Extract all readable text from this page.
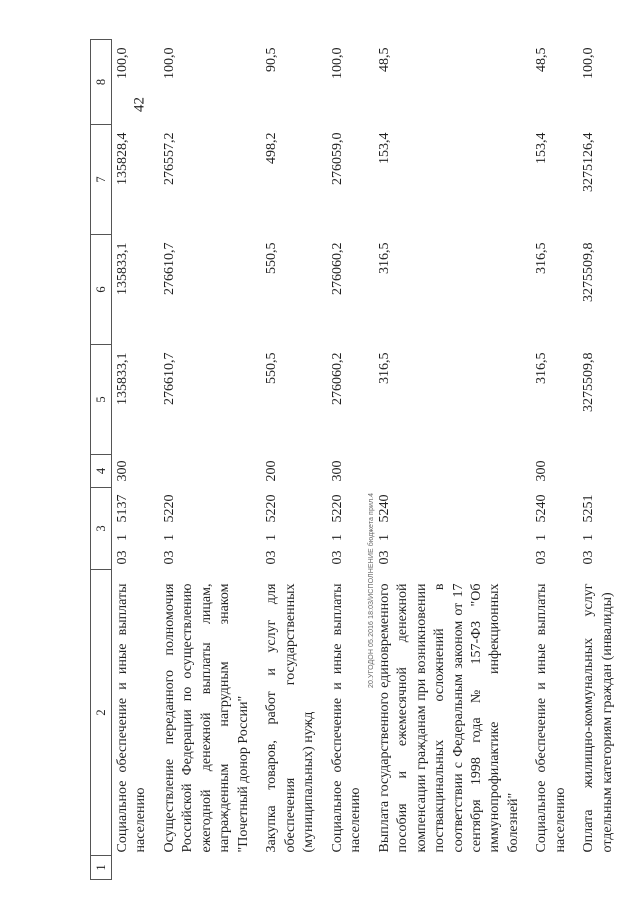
42
1	2	3			4	5	6	7	8
	Социальное обеспечение и иные выплаты населению	03	1	5137	300	135833,1	135833,1	135828,4	100,0
	Осуществление переданного полномочия Российской Федерации по осуществлению ежегодной денежной выплаты лицам, награжденным нагрудным знаком "Почетный донор России"	03	1	5220		276610,7	276610,7	276557,2	100,0
	Закупка товаров, работ и услуг для обеспечения государственных (муниципальных) нужд	03	1	5220	200	550,5	550,5	498,2	90,5
	Социальное обеспечение и иные выплаты населению	03	1	5220	300	276060,2	276060,2	276059,0	100,0
	Выплата государственного единовременного пособия и ежемесячной денежной компенсации гражданам при возникновении поствакцинальных осложнений в соответствии с Федеральным законом от 17 сентября 1998 года № 157-ФЗ "Об иммунопрофилактике инфекционных болезней"	03	1	5240		316,5	316,5	153,4	48,5
	Социальное обеспечение и иные выплаты населению	03	1	5240	300	316,5	316,5	153,4	48,5
	Оплата жилищно-коммунальных услуг отдельным категориям граждан (инвалиды)	03	1	5251		3275509,8	3275509,8	3275126,4	100,0
20.УГОДОН 05.2016 18:03/ИСПОЛНЕНИЕ бюджета прил.4
